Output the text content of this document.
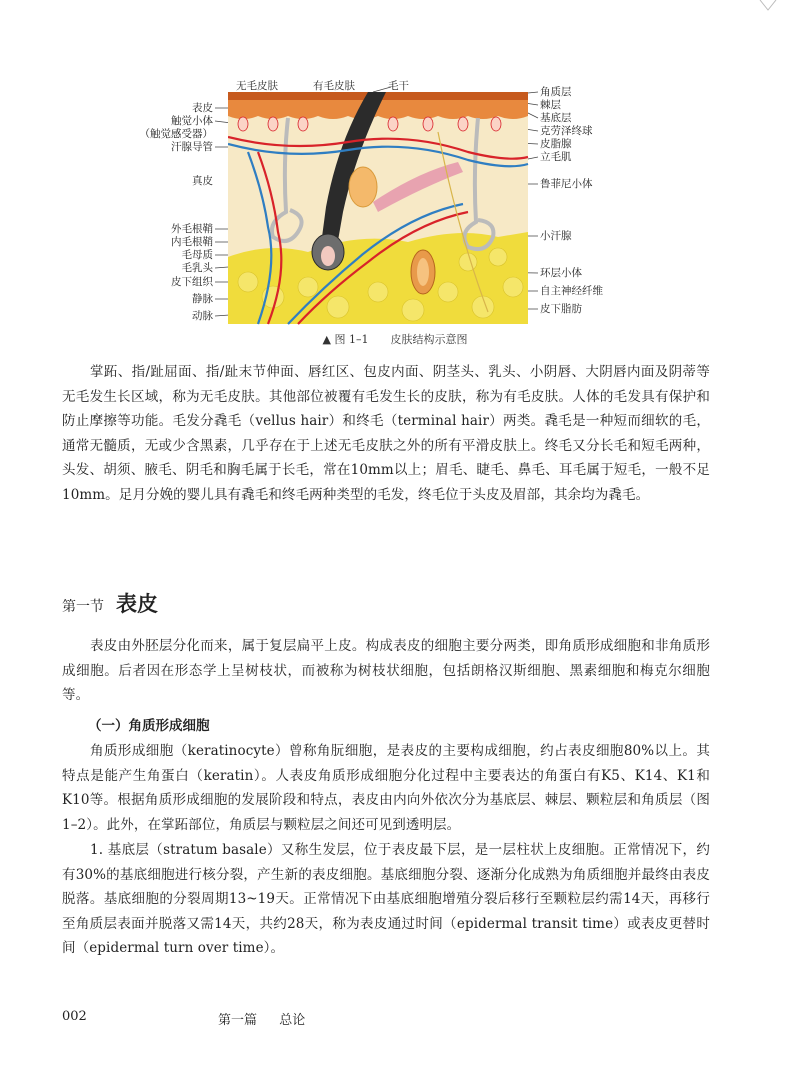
无毛皮肤	有毛皮肤	毛干
表皮
触觉小体
（触觉感受器）
汗腺导管
真皮
外毛根鞘
内毛根鞘
毛母质
毛乳头
皮下组织
静脉
动脉
角质层
棘层
基底层
克劳泽终球
皮脂腺
立毛肌
鲁菲尼小体
小汗腺
环层小体
自主神经纤维
皮下脂肪
▲ 图 1–1 皮肤结构示意图
掌跖、指/趾屈面、指/趾末节伸面、唇红区、包皮内面、阴茎头、乳头、小阴唇、大阴唇内面及阴蒂等无毛发生长区域，称为无毛皮肤。其他部位被覆有毛发生长的皮肤，称为有毛皮肤。人体的毛发具有保护和防止摩擦等功能。毛发分毳毛（vellus hair）和终毛（terminal hair）两类。毳毛是一种短而细软的毛，通常无髓质，无或少含黑素，几乎存在于上述无毛皮肤之外的所有平滑皮肤上。终毛又分长毛和短毛两种，头发、胡须、腋毛、阴毛和胸毛属于长毛，常在10mm以上；眉毛、睫毛、鼻毛、耳毛属于短毛，一般不足10mm。足月分娩的婴儿具有毳毛和终毛两种类型的毛发，终毛位于头皮及眉部，其余均为毳毛。
第一节 表皮
表皮由外胚层分化而来，属于复层扁平上皮。构成表皮的细胞主要分两类，即角质形成细胞和非角质形成细胞。后者因在形态学上呈树枝状，而被称为树枝状细胞，包括朗格汉斯细胞、黑素细胞和梅克尔细胞等。
（一）角质形成细胞
角质形成细胞（keratinocyte）曾称角朊细胞，是表皮的主要构成细胞，约占表皮细胞80%以上。其特点是能产生角蛋白（keratin）。人表皮角质形成细胞分化过程中主要表达的角蛋白有K5、K14、K1和K10等。根据角质形成细胞的发展阶段和特点，表皮由内向外依次分为基底层、棘层、颗粒层和角质层（图1–2）。此外，在掌跖部位，角质层与颗粒层之间还可见到透明层。
1. 基底层（stratum basale）又称生发层，位于表皮最下层，是一层柱状上皮细胞。正常情况下，约有30%的基底细胞进行核分裂，产生新的表皮细胞。基底细胞分裂、逐渐分化成熟为角质细胞并最终由表皮脱落。基底细胞的分裂周期13~19天。正常情况下由基底细胞增殖分裂后移行至颗粒层约需14天，再移行至角质层表面并脱落又需14天，共约28天，称为表皮通过时间（epidermal transit time）或表皮更替时间（epidermal turn over time）。
002	第一篇 总论
